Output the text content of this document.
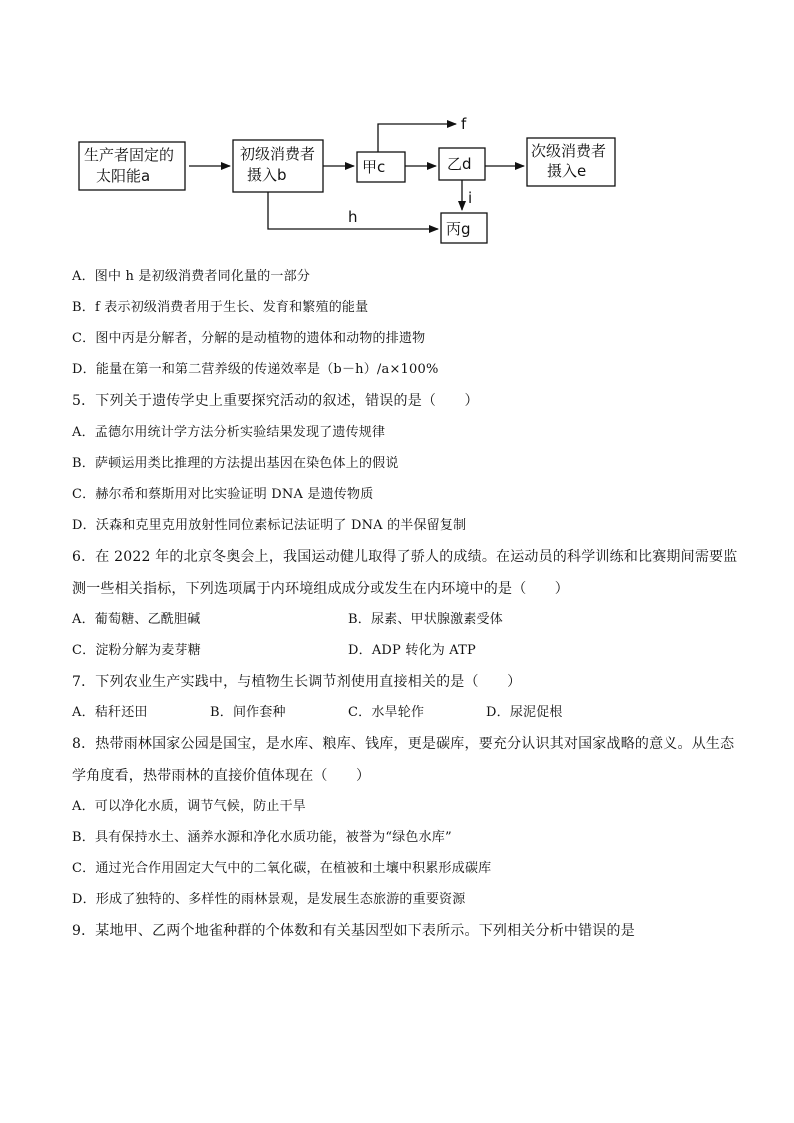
生产者固定的
太阳能a
初级消费者
摄入b	甲c	乙d
次级消费者
摄入e
丙g
f
h
i
A．图中 h 是初级消费者同化量的一部分
B．f 表示初级消费者用于生长、发育和繁殖的能量
C．图中丙是分解者，分解的是动植物的遗体和动物的排遗物
D．能量在第一和第二营养级的传递效率是（b－h）/a×100%
5．下列关于遗传学史上重要探究活动的叙述，错误的是（　　）
A．孟德尔用统计学方法分析实验结果发现了遗传规律
B．萨顿运用类比推理的方法提出基因在染色体上的假说
C．赫尔希和蔡斯用对比实验证明 DNA 是遗传物质
D．沃森和克里克用放射性同位素标记法证明了 DNA 的半保留复制
6．在 2022 年的北京冬奥会上，我国运动健儿取得了骄人的成绩。在运动员的科学训练和比赛期间需要监
测一些相关指标，下列选项属于内环境组成成分或发生在内环境中的是（　　）
A．葡萄糖、乙酰胆碱	B．尿素、甲状腺激素受体
C．淀粉分解为麦芽糖	D．ADP 转化为 ATP
7．下列农业生产实践中，与植物生长调节剂使用直接相关的是（　　）
A．秸秆还田	B．间作套种	C．水旱轮作	D．尿泥促根
8．热带雨林国家公园是国宝，是水库、粮库、钱库，更是碳库，要充分认识其对国家战略的意义。从生态
学角度看，热带雨林的直接价值体现在（　　）
A．可以净化水质，调节气候，防止干旱
B．具有保持水土、涵养水源和净化水质功能，被誉为“绿色水库”
C．通过光合作用固定大气中的二氧化碳，在植被和土壤中积累形成碳库
D．形成了独特的、多样性的雨林景观，是发展生态旅游的重要资源
9．某地甲、乙两个地雀种群的个体数和有关基因型如下表所示。下列相关分析中错误的是
